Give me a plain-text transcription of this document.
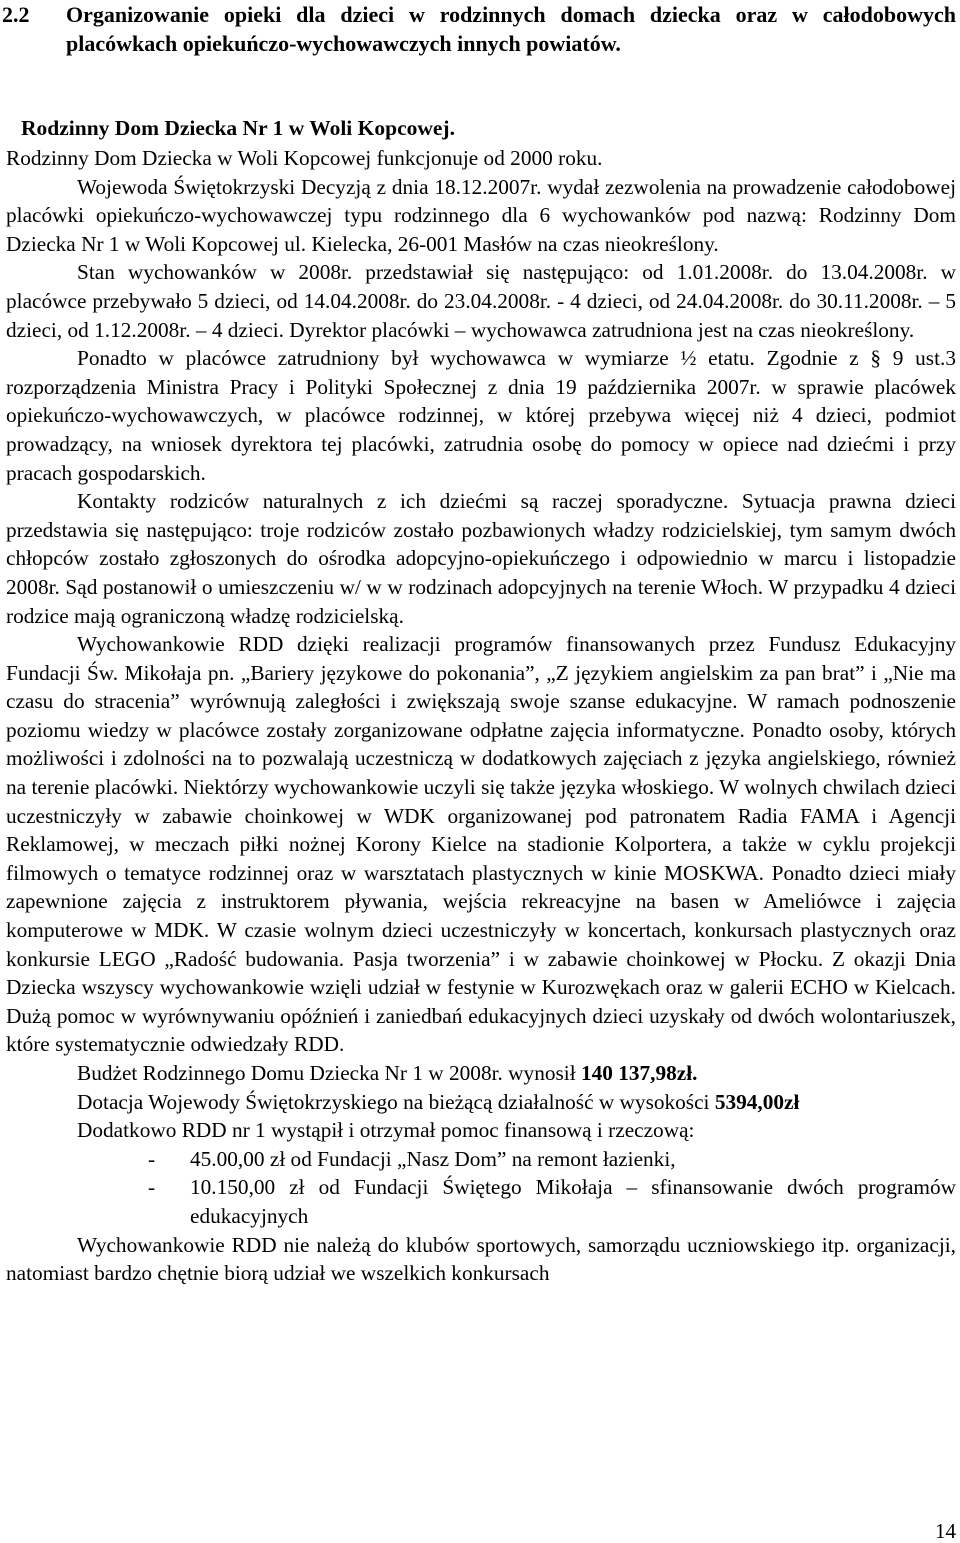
2.2 Organizowanie opieki dla dzieci w rodzinnych domach dziecka oraz w całodobowych placówkach opiekuńczo-wychowawczych innych powiatów.

Rodzinny Dom Dziecka Nr 1 w Woli Kopcowej.

Rodzinny Dom Dziecka w Woli Kopcowej funkcjonuje od 2000 roku.

Wojewoda Świętokrzyski Decyzją z dnia 18.12.2007r. wydał zezwolenia na prowadzenie całodobowej placówki opiekuńczo-wychowawczej typu rodzinnego dla 6 wychowanków pod nazwą: Rodzinny Dom Dziecka Nr 1 w Woli Kopcowej ul. Kielecka, 26-001 Masłów na czas nieokreślony.

Stan wychowanków w 2008r. przedstawiał się następująco: od 1.01.2008r. do 13.04.2008r. w placówce przebywało 5 dzieci, od 14.04.2008r. do 23.04.2008r. - 4 dzieci, od 24.04.2008r. do 30.11.2008r. – 5 dzieci, od 1.12.2008r. – 4 dzieci. Dyrektor placówki – wychowawca zatrudniona jest na czas nieokreślony.

Ponadto w placówce zatrudniony był wychowawca w wymiarze ½ etatu. Zgodnie z § 9 ust.3 rozporządzenia Ministra Pracy i Polityki Społecznej z dnia 19 października 2007r. w sprawie placówek opiekuńczo-wychowawczych, w placówce rodzinnej, w której przebywa więcej niż 4 dzieci, podmiot prowadzący, na wniosek dyrektora tej placówki, zatrudnia osobę do pomocy w opiece nad dziećmi i przy pracach gospodarskich.

Kontakty rodziców naturalnych z ich dziećmi są raczej sporadyczne. Sytuacja prawna dzieci przedstawia się następująco: troje rodziców zostało pozbawionych władzy rodzicielskiej, tym samym dwóch chłopców zostało zgłoszonych do ośrodka adopcyjno-opiekuńczego i odpowiednio w marcu i listopadzie 2008r. Sąd postanowił o umieszczeniu w/ w w rodzinach adopcyjnych na terenie Włoch. W przypadku 4 dzieci rodzice mają ograniczoną władzę rodzicielską.

Wychowankowie RDD dzięki realizacji programów finansowanych przez Fundusz Edukacyjny Fundacji Św. Mikołaja pn. „Bariery językowe do pokonania”, „Z językiem angielskim za pan brat” i „Nie ma czasu do stracenia” wyrównują zaległości i zwiększają swoje szanse edukacyjne. W ramach podnoszenie poziomu wiedzy w placówce zostały zorganizowane odpłatne zajęcia informatyczne. Ponadto osoby, których możliwości i zdolności na to pozwalają uczestniczą w dodatkowych zajęciach z języka angielskiego, również na terenie placówki. Niektórzy wychowankowie uczyli się także języka włoskiego. W wolnych chwilach dzieci uczestniczyły w zabawie choinkowej w WDK organizowanej pod patronatem Radia FAMA i Agencji Reklamowej, w meczach piłki nożnej Korony Kielce na stadionie Kolportera, a także w cyklu projekcji filmowych o tematyce rodzinnej oraz w warsztatach plastycznych w kinie MOSKWA. Ponadto dzieci miały zapewnione zajęcia z instruktorem pływania, wejścia rekreacyjne na basen w Ameliówce i zajęcia komputerowe w MDK. W czasie wolnym dzieci uczestniczyły w koncertach, konkursach plastycznych oraz konkursie LEGO „Radość budowania. Pasja tworzenia” i w zabawie choinkowej w Płocku. Z okazji Dnia Dziecka wszyscy wychowankowie wzięli udział w festynie w Kurozwękach oraz w galerii ECHO w Kielcach. Dużą pomoc w wyrównywaniu opóźnień i zaniedbań edukacyjnych dzieci uzyskały od dwóch wolontariuszek, które systematycznie odwiedzały RDD.

Budżet Rodzinnego Domu Dziecka Nr 1 w 2008r. wynosił 140 137,98zł.

Dotacja Wojewody Świętokrzyskiego na bieżącą działalność w wysokości 5394,00zł

Dodatkowo RDD nr 1 wystąpił i otrzymał pomoc finansową i rzeczową:

- 45.00,00 zł od Fundacji „Nasz Dom” na remont łazienki,
- 10.150,00 zł od Fundacji Świętego Mikołaja – sfinansowanie dwóch programów edukacyjnych

Wychowankowie RDD nie należą do klubów sportowych, samorządu uczniowskiego itp. organizacji, natomiast bardzo chętnie biorą udział we wszelkich konkursach

14
